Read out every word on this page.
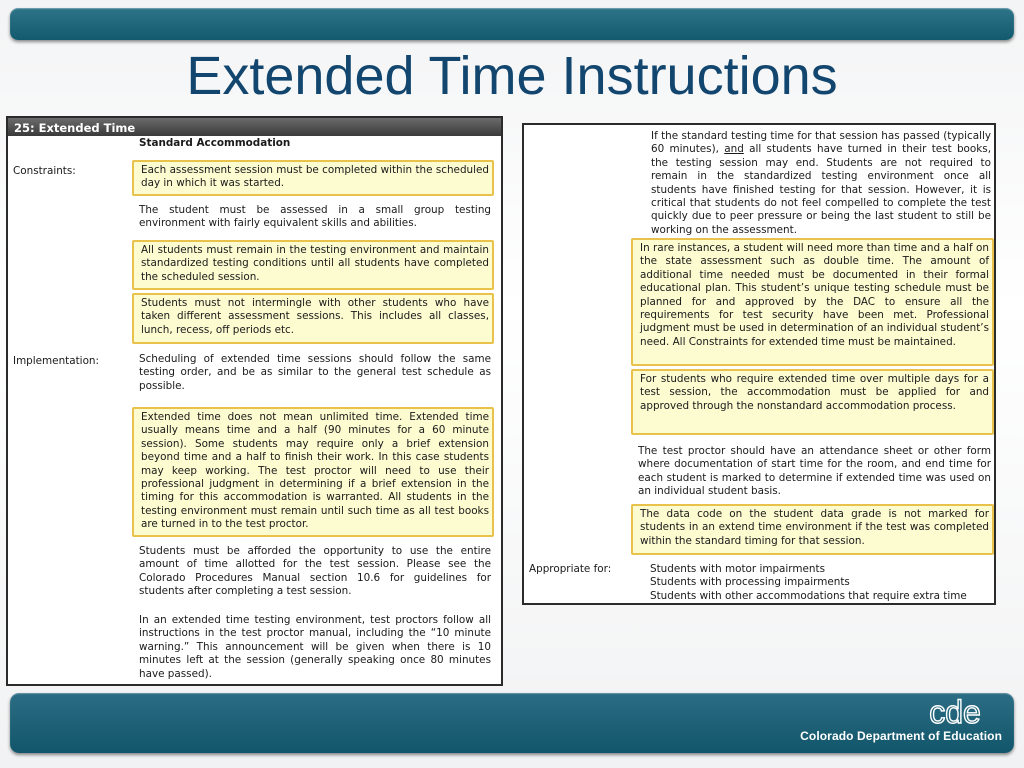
Extended Time Instructions
25: Extended Time
Standard Accommodation
Constraints:
Implementation:
Each assessment session must be completed within the scheduled day in which it was started.
The student must be assessed in a small group testing environment with fairly equivalent skills and abilities.
All students must remain in the testing environment and maintain standardized testing conditions until all students have completed the scheduled session.
Students must not intermingle with other students who have taken different assessment sessions. This includes all classes, lunch, recess, off periods etc.
Scheduling of extended time sessions should follow the same testing order, and be as similar to the general test schedule as possible.
Extended time does not mean unlimited time. Extended time usually means time and a half (90 minutes for a 60 minute session). Some students may require only a brief extension beyond time and a half to finish their work. In this case students may keep working. The test proctor will need to use their professional judgment in determining if a brief extension in the timing for this accommodation is warranted. All students in the testing environment must remain until such time as all test books are turned in to the test proctor.
Students must be afforded the opportunity to use the entire amount of time allotted for the test session. Please see the Colorado Procedures Manual section 10.6 for guidelines for students after completing a test session.
In an extended time testing environment, test proctors follow all instructions in the test proctor manual, including the “10 minute warning.” This announcement will be given when there is 10 minutes left at the session (generally speaking once 80 minutes have passed).

If the standard testing time for that session has passed (typically 60 minutes), and all students have turned in their test books, the testing session may end. Students are not required to remain in the standardized testing environment once all students have finished testing for that session. However, it is critical that students do not feel compelled to complete the test quickly due to peer pressure or being the last student to still be working on the assessment.

In rare instances, a student will need more than time and a half on the state assessment such as double time. The amount of additional time needed must be documented in their formal educational plan. This student’s unique testing schedule must be planned for and approved by the DAC to ensure all the requirements for test security have been met. Professional judgment must be used in determination of an individual student’s need. All Constraints for extended time must be maintained.
For students who require extended time over multiple days for a test session, the accommodation must be applied for and approved through the nonstandard accommodation process.
The test proctor should have an attendance sheet or other form where documentation of start time for the room, and end time for each student is marked to determine if extended time was used on an individual student basis.
The data code on the student data grade is not marked for students in an extend time environment if the test was completed within the standard timing for that session.
Appropriate for:	Students with motor impairments
Students with processing impairments
Students with other accommodations that require extra time
cde
Colorado Department of Education
